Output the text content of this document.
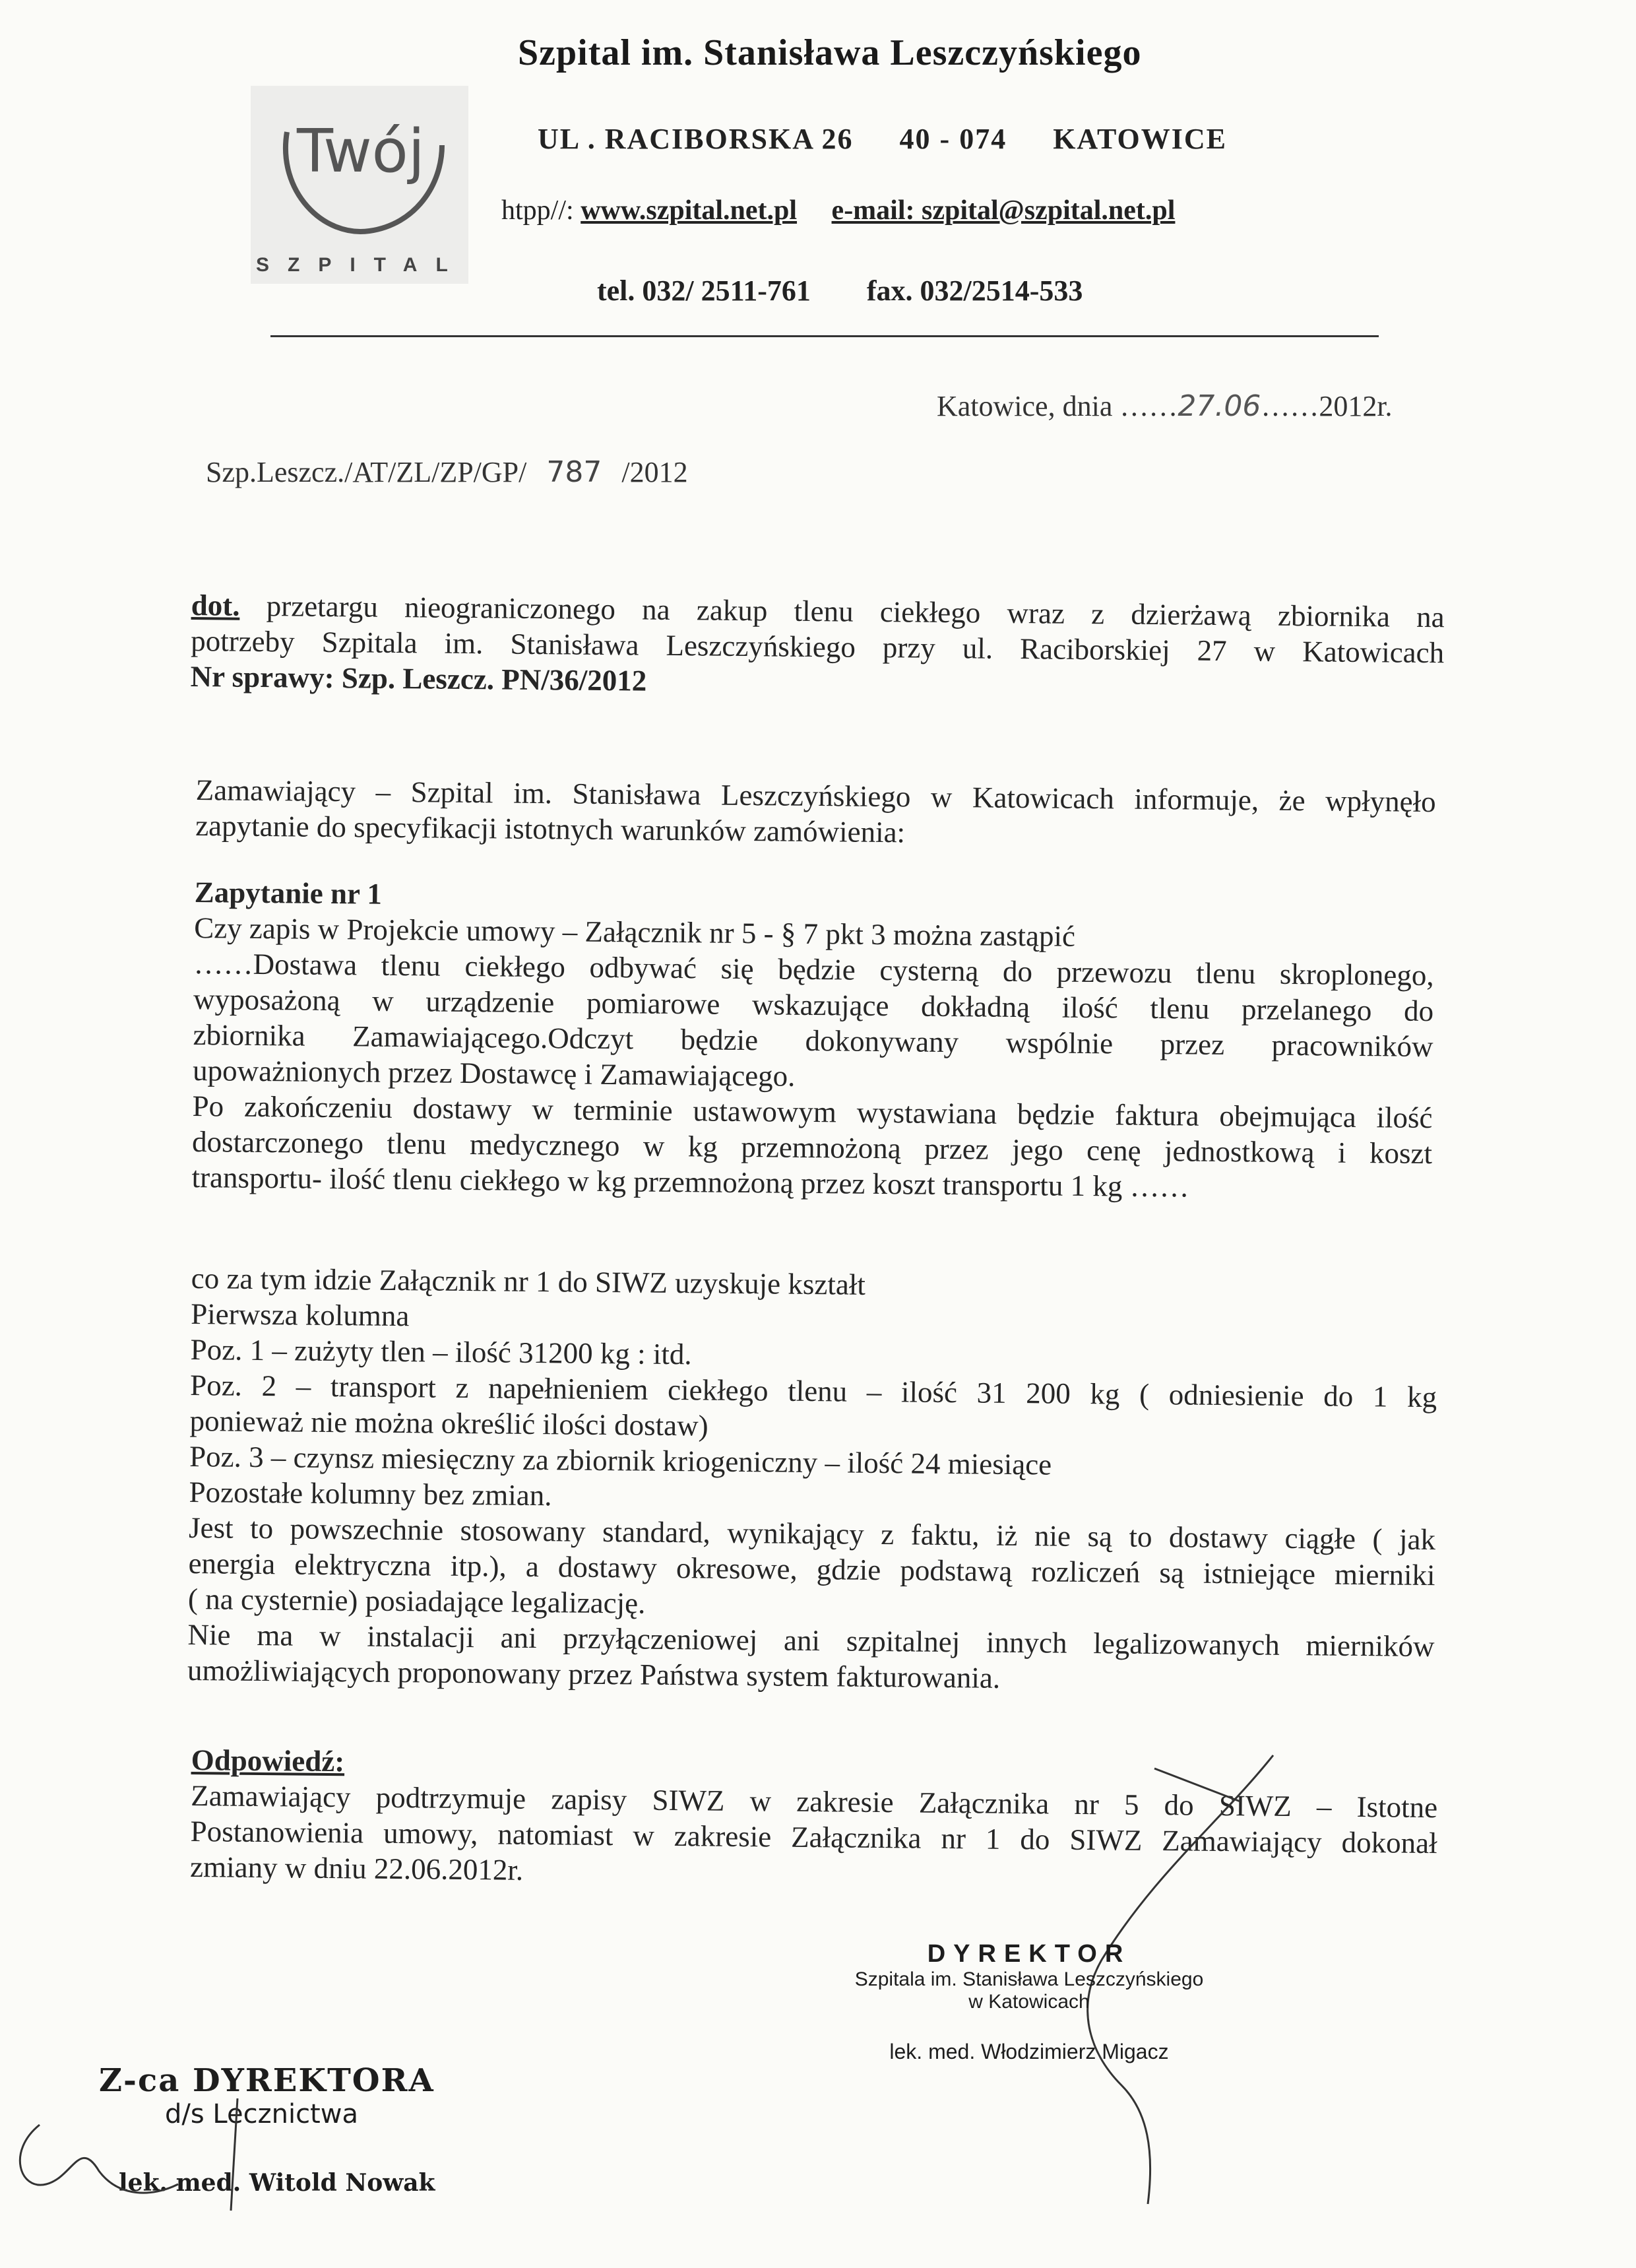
Twój
SZPITAL
Szpital im. Stanisława Leszczyńskiego
UL . RACIBORSKA 26 40 - 074 KATOWICE
htpp//: www.szpital.net.pl e-mail: szpital@szpital.net.pl
tel. 032/ 2511-761 fax. 032/2514-533
Katowice, dnia ……27.06……2012r.
Szp.Leszcz./AT/ZL/ZP/GP/ 787 /2012

dot. przetargu nieograniczonego na zakup tlenu ciekłego wraz z dzierżawą zbiornika na

potrzeby Szpitala im. Stanisława Leszczyńskiego przy ul. Raciborskiej 27 w Katowicach

Nr sprawy: Szp. Leszcz. PN/36/2012

Zamawiający – Szpital im. Stanisława Leszczyńskiego w Katowicach informuje, że wpłynęło

zapytanie do specyfikacji istotnych warunków zamówienia:

Zapytanie nr 1

Czy zapis w Projekcie umowy – Załącznik nr 5 - § 7 pkt 3 można zastąpić

……Dostawa tlenu ciekłego odbywać się będzie cysterną do przewozu tlenu skroplonego,

wyposażoną w urządzenie pomiarowe wskazujące dokładną ilość tlenu przelanego do

zbiornika Zamawiającego.Odczyt będzie dokonywany wspólnie przez pracowników

upoważnionych przez Dostawcę i Zamawiającego.

Po zakończeniu dostawy w terminie ustawowym wystawiana będzie faktura obejmująca ilość

dostarczonego tlenu medycznego w kg przemnożoną przez jego cenę jednostkową i koszt

transportu- ilość tlenu ciekłego w kg przemnożoną przez koszt transportu 1 kg ……

co za tym idzie Załącznik nr 1 do SIWZ uzyskuje kształt

Pierwsza kolumna

Poz. 1 – zużyty tlen – ilość 31200 kg : itd.

Poz. 2 – transport z napełnieniem ciekłego tlenu – ilość 31 200 kg ( odniesienie do 1 kg

ponieważ nie można określić ilości dostaw)

Poz. 3 – czynsz miesięczny za zbiornik kriogeniczny – ilość 24 miesiące

Pozostałe kolumny bez zmian.

Jest to powszechnie stosowany standard, wynikający z faktu, iż nie są to dostawy ciągłe ( jak

energia elektryczna itp.), a dostawy okresowe, gdzie podstawą rozliczeń są istniejące mierniki

( na cysternie) posiadające legalizację.

Nie ma w instalacji ani przyłączeniowej ani szpitalnej innych legalizowanych mierników

umożliwiających proponowany przez Państwa system fakturowania.

Odpowiedź:

Zamawiający podtrzymuje zapisy SIWZ w zakresie Załącznika nr 5 do SIWZ – Istotne

Postanowienia umowy, natomiast w zakresie Załącznika nr 1 do SIWZ Zamawiający dokonał

zmiany w dniu 22.06.2012r.

DYREKTOR
Szpitala im. Stanisława Leszczyńskiego
w Katowicach
lek. med. Włodzimierz Migacz
Z-ca DYREKTORA
d/s Lecznictwa
lek. med. Witold Nowak
